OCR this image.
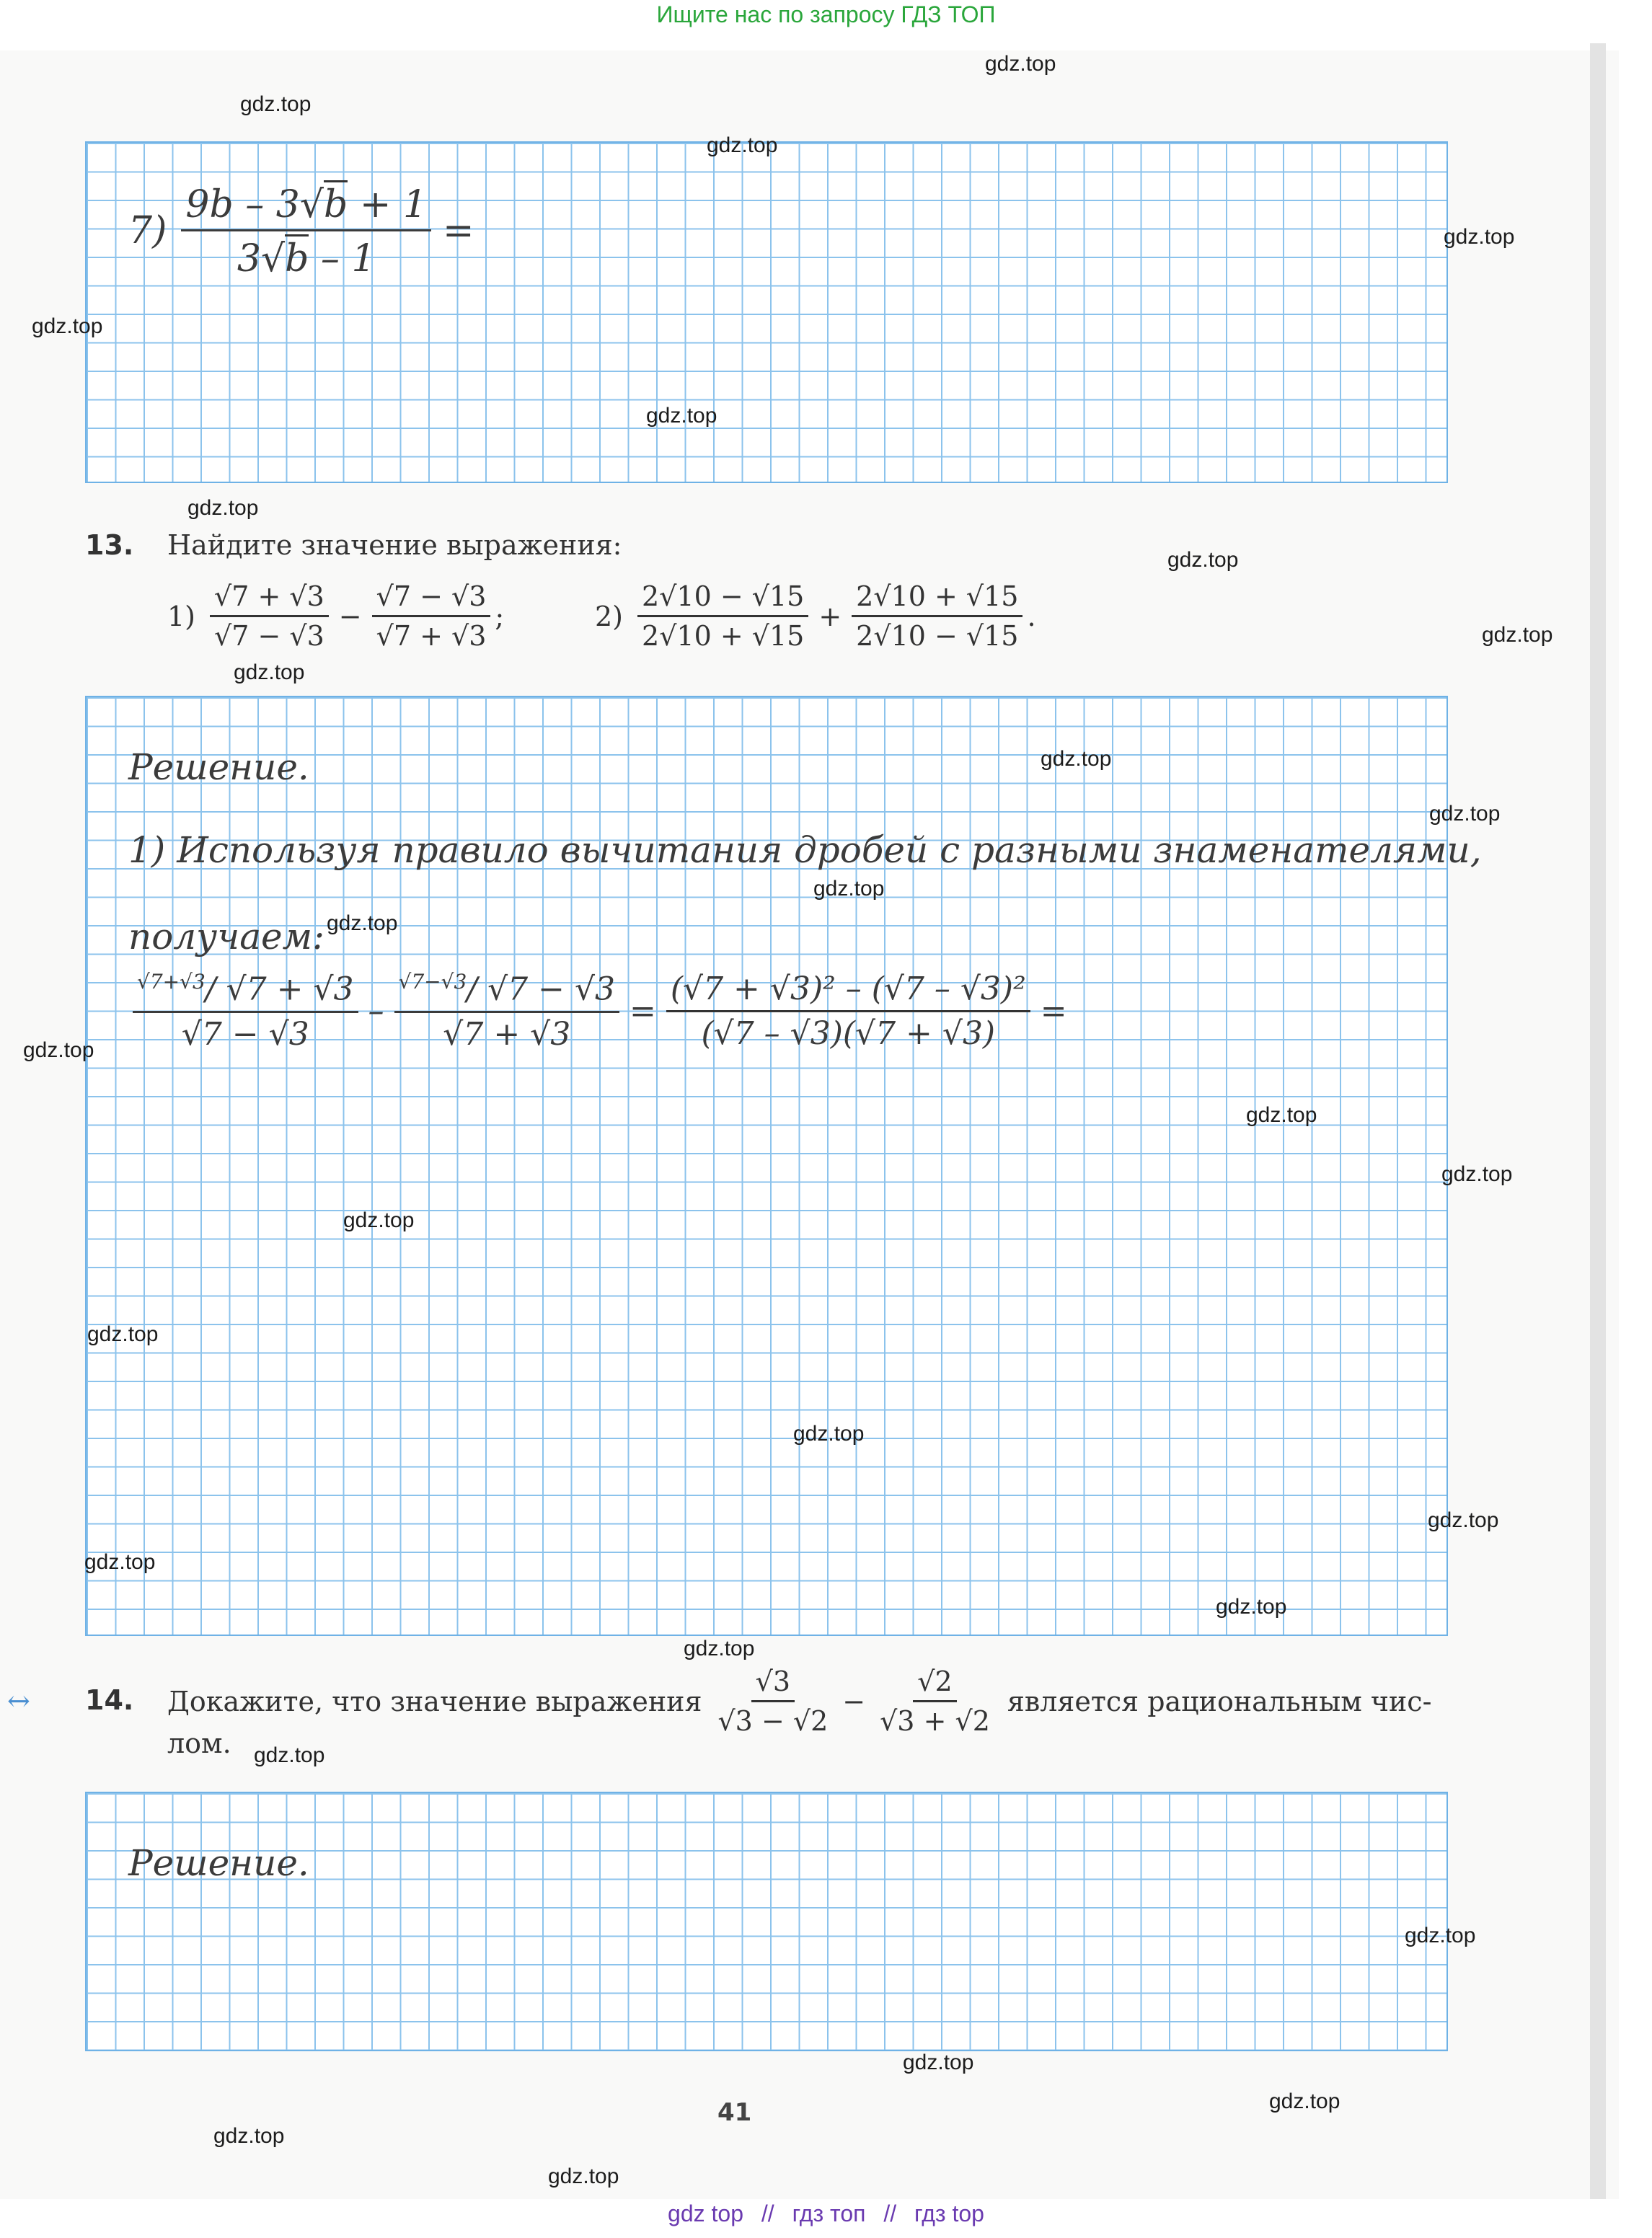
Ищите нас по запросу ГДЗ ТОП
$7) \frac{9b - 3√b + 1}{3√b - 1}$ =
13. Найдите значение выражения:
$1) \frac{√7 + √3}{√7 - √3} - \frac{√7 - √3}{√7 + √3}$ ;	$2) \frac{2√10 - √15}{2√10 + √15} + \frac{2√10 + √15}{2√10 - √15}$ .
Решение.
1) Используя правило вычитания дробей с разными знаменателями,
получаем:
$\frac{^{√7+√3}/ √7 + √3}{√7 - √3} - \frac{^{√7-√3}/ √7 - √3}{√7 + √3} = \frac{\text{(√7 + √3)² – (√7 – √3)²}}{(√7 - √3)(√7 + √3)}$ =
↔ 14. Докажите, что значение выражения $\frac{√3}{√3 - √2} - \frac{√2}{√3 + √2}$ является рациональным чис-
лом.
Решение.
41
gdz.top
gdz.top
gdz.top
gdz.top
gdz.top
gdz.top
gdz.top
gdz.top
gdz.top
gdz.top
gdz.top
gdz.top
gdz.top
gdz.top
gdz.top
gdz.top
gdz.top
gdz.top
gdz.top
gdz.top
gdz.top
gdz.top
gdz.top
gdz.top
gdz.top
gdz.top
gdz.top
gdz.top
gdz.top
gdz.top
gdz top // гдз топ // гдз top
